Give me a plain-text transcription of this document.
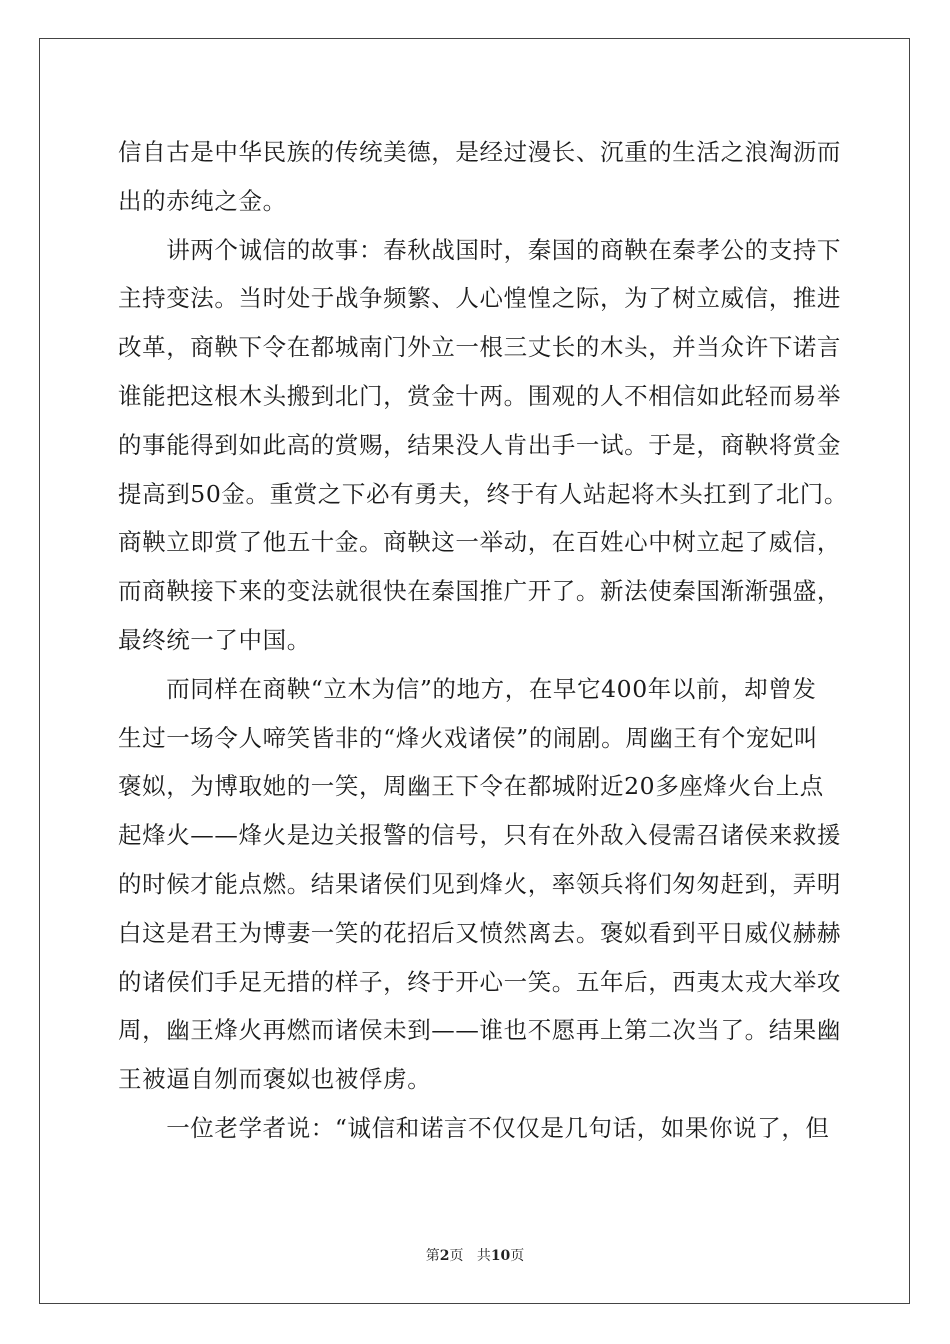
信自古是中华民族的传统美德，是经过漫长、沉重的生活之浪淘沥而
出的赤纯之金。
　　讲两个诚信的故事：春秋战国时，秦国的商鞅在秦孝公的支持下
主持变法。当时处于战争频繁、人心惶惶之际，为了树立威信，推进
改革，商鞅下令在都城南门外立一根三丈长的木头，并当众许下诺言
谁能把这根木头搬到北门，赏金十两。围观的人不相信如此轻而易举
的事能得到如此高的赏赐，结果没人肯出手一试。于是，商鞅将赏金
提高到50金。重赏之下必有勇夫，终于有人站起将木头扛到了北门。
商鞅立即赏了他五十金。商鞅这一举动，在百姓心中树立起了威信，
而商鞅接下来的变法就很快在秦国推广开了。新法使秦国渐渐强盛，
最终统一了中国。
　　而同样在商鞅“立木为信”的地方，在早它400年以前，却曾发
生过一场令人啼笑皆非的“烽火戏诸侯”的闹剧。周幽王有个宠妃叫
褒姒，为博取她的一笑，周幽王下令在都城附近20多座烽火台上点
起烽火——烽火是边关报警的信号，只有在外敌入侵需召诸侯来救援
的时候才能点燃。结果诸侯们见到烽火，率领兵将们匆匆赶到，弄明
白这是君王为博妻一笑的花招后又愤然离去。褒姒看到平日威仪赫赫
的诸侯们手足无措的样子，终于开心一笑。五年后，西夷太戎大举攻
周，幽王烽火再燃而诸侯未到——谁也不愿再上第二次当了。结果幽
王被逼自刎而褒姒也被俘虏。
　　一位老学者说：“诚信和诺言不仅仅是几句话，如果你说了，但
第2页 共10页
